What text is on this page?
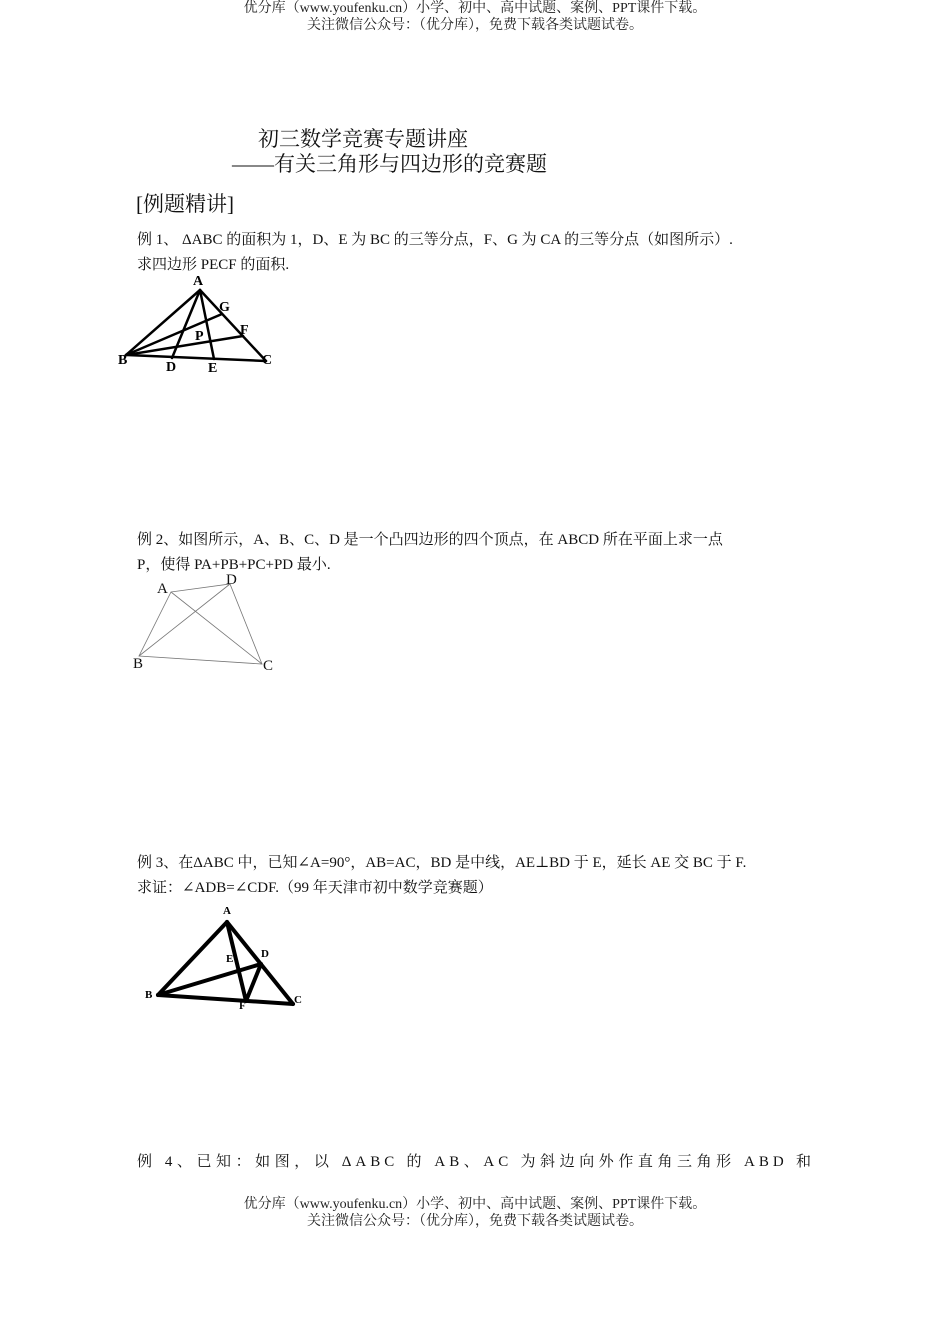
优分库（www.youfenku.cn）小学、初中、高中试题、案例、PPT课件下载。
关注微信公众号：（优分库），免费下载各类试题试卷。
初三数学竞赛专题讲座
——有关三角形与四边形的竞赛题
[例题精讲]
例 1、 ΔABC 的面积为 1，D、E 为 BC 的三等分点，F、G 为 CA 的三等分点（如图所示）.
求四边形 PECF 的面积.
A
B	C
D E
F
G
P
例 2、如图所示，A、B、C、D 是一个凸四边形的四个顶点，在 ABCD 所在平面上求一点
P，使得 PA+PB+PC+PD 最小.
A
D
B	C
例 3、在ΔABC 中，已知∠A=90°，AB=AC，BD 是中线，AE⊥BD 于 E，延长 AE 交 BC 于 F.
求证：∠ADB=∠CDF.（99 年天津市初中数学竞赛题）
A
B	C
D
E
F
例 4、已知：如图，以 ΔABC 的 AB、AC 为斜边向外作直角三角形 ABD 和
优分库（www.youfenku.cn）小学、初中、高中试题、案例、PPT课件下载。
关注微信公众号：（优分库），免费下载各类试题试卷。
